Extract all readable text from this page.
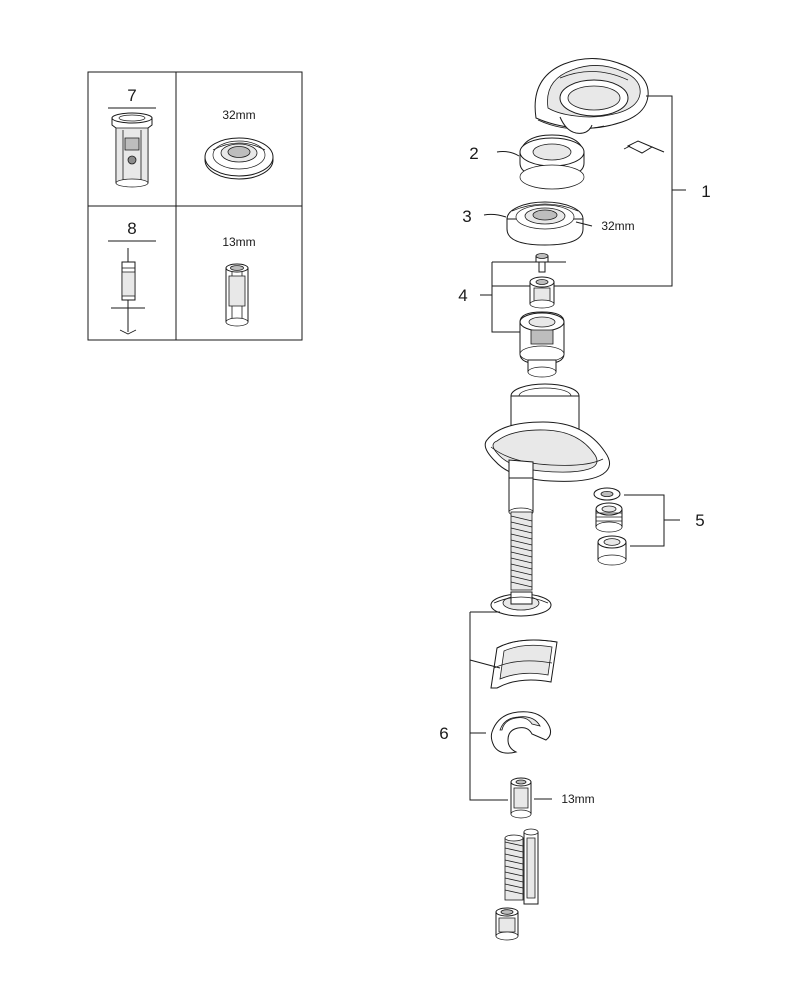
7
32mm
8
13mm
1
2
3	32mm
4
5
13mm
6
